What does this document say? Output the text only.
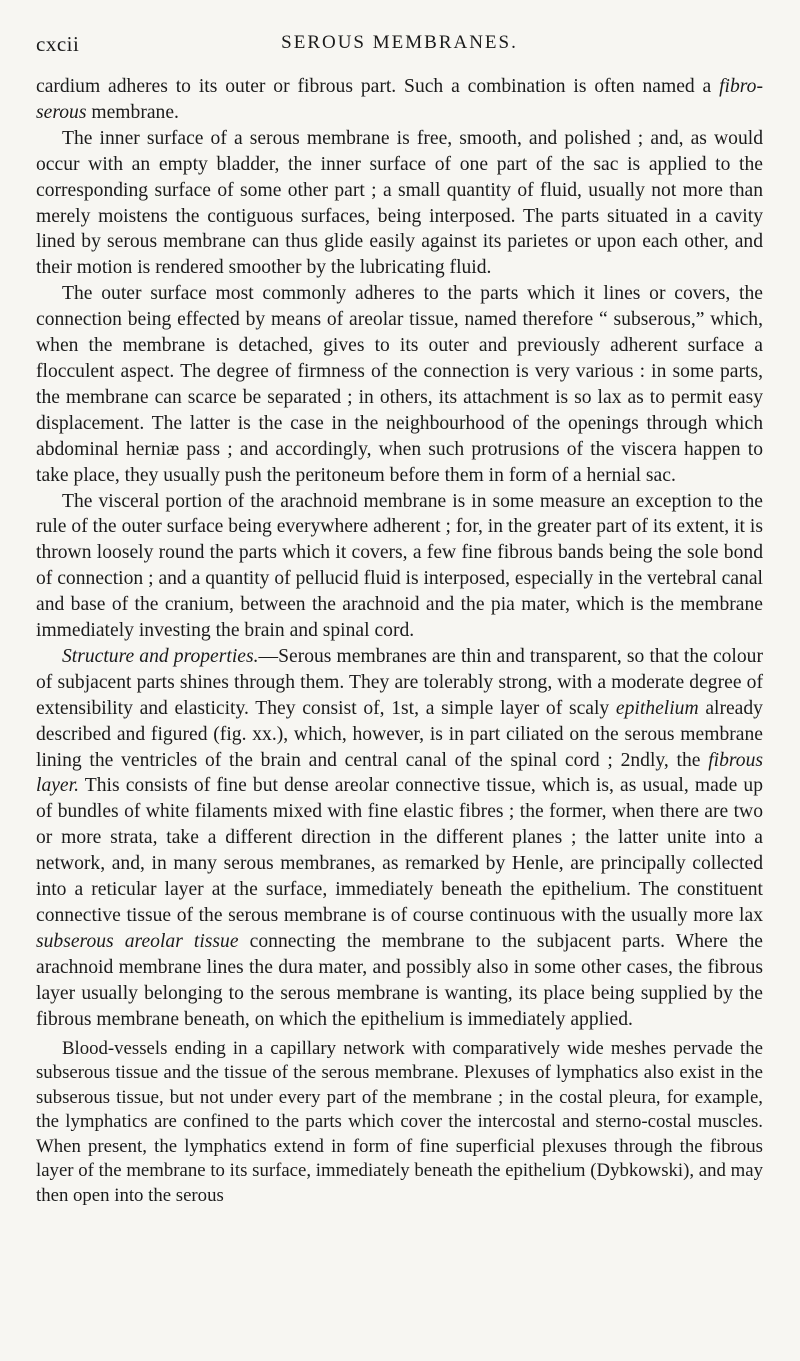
cxcii	SEROUS MEMBRANES.

cardium adheres to its outer or fibrous part. Such a combination is often named a fibro-serous membrane.

The inner surface of a serous membrane is free, smooth, and polished ; and, as would occur with an empty bladder, the inner surface of one part of the sac is applied to the corresponding surface of some other part ; a small quantity of fluid, usually not more than merely moistens the contiguous surfaces, being interposed. The parts situated in a cavity lined by serous membrane can thus glide easily against its parietes or upon each other, and their motion is rendered smoother by the lubricating fluid.

The outer surface most commonly adheres to the parts which it lines or covers, the connection being effected by means of areolar tissue, named therefore “ subserous,” which, when the membrane is detached, gives to its outer and previously adherent surface a flocculent aspect. The degree of firmness of the connection is very various : in some parts, the membrane can scarce be separated ; in others, its attachment is so lax as to permit easy displacement. The latter is the case in the neighbourhood of the openings through which abdominal herniæ pass ; and accordingly, when such protrusions of the viscera happen to take place, they usually push the peritoneum before them in form of a hernial sac.

The visceral portion of the arachnoid membrane is in some measure an exception to the rule of the outer surface being everywhere adherent ; for, in the greater part of its extent, it is thrown loosely round the parts which it covers, a few fine fibrous bands being the sole bond of connection ; and a quantity of pellucid fluid is interposed, especially in the vertebral canal and base of the cranium, between the arachnoid and the pia mater, which is the membrane immediately investing the brain and spinal cord.

Structure and properties.—Serous membranes are thin and transparent, so that the colour of subjacent parts shines through them. They are tolerably strong, with a moderate degree of extensibility and elasticity. They consist of, 1st, a simple layer of scaly epithelium already described and figured (fig. xx.), which, however, is in part ciliated on the serous membrane lining the ventricles of the brain and central canal of the spinal cord ; 2ndly, the fibrous layer. This consists of fine but dense areolar connective tissue, which is, as usual, made up of bundles of white filaments mixed with fine elastic fibres ; the former, when there are two or more strata, take a different direction in the different planes ; the latter unite into a network, and, in many serous membranes, as remarked by Henle, are principally collected into a reticular layer at the surface, immediately beneath the epithelium. The constituent connective tissue of the serous membrane is of course continuous with the usually more lax subserous areolar tissue connecting the membrane to the subjacent parts. Where the arachnoid membrane lines the dura mater, and possibly also in some other cases, the fibrous layer usually belonging to the serous membrane is wanting, its place being supplied by the fibrous membrane beneath, on which the epithelium is immediately applied.

Blood-vessels ending in a capillary network with comparatively wide meshes pervade the subserous tissue and the tissue of the serous membrane. Plexuses of lymphatics also exist in the subserous tissue, but not under every part of the membrane ; in the costal pleura, for example, the lymphatics are confined to the parts which cover the intercostal and sterno-costal muscles. When present, the lymphatics extend in form of fine superficial plexuses through the fibrous layer of the membrane to its surface, immediately beneath the epithelium (Dybkowski), and may then open into the serous
